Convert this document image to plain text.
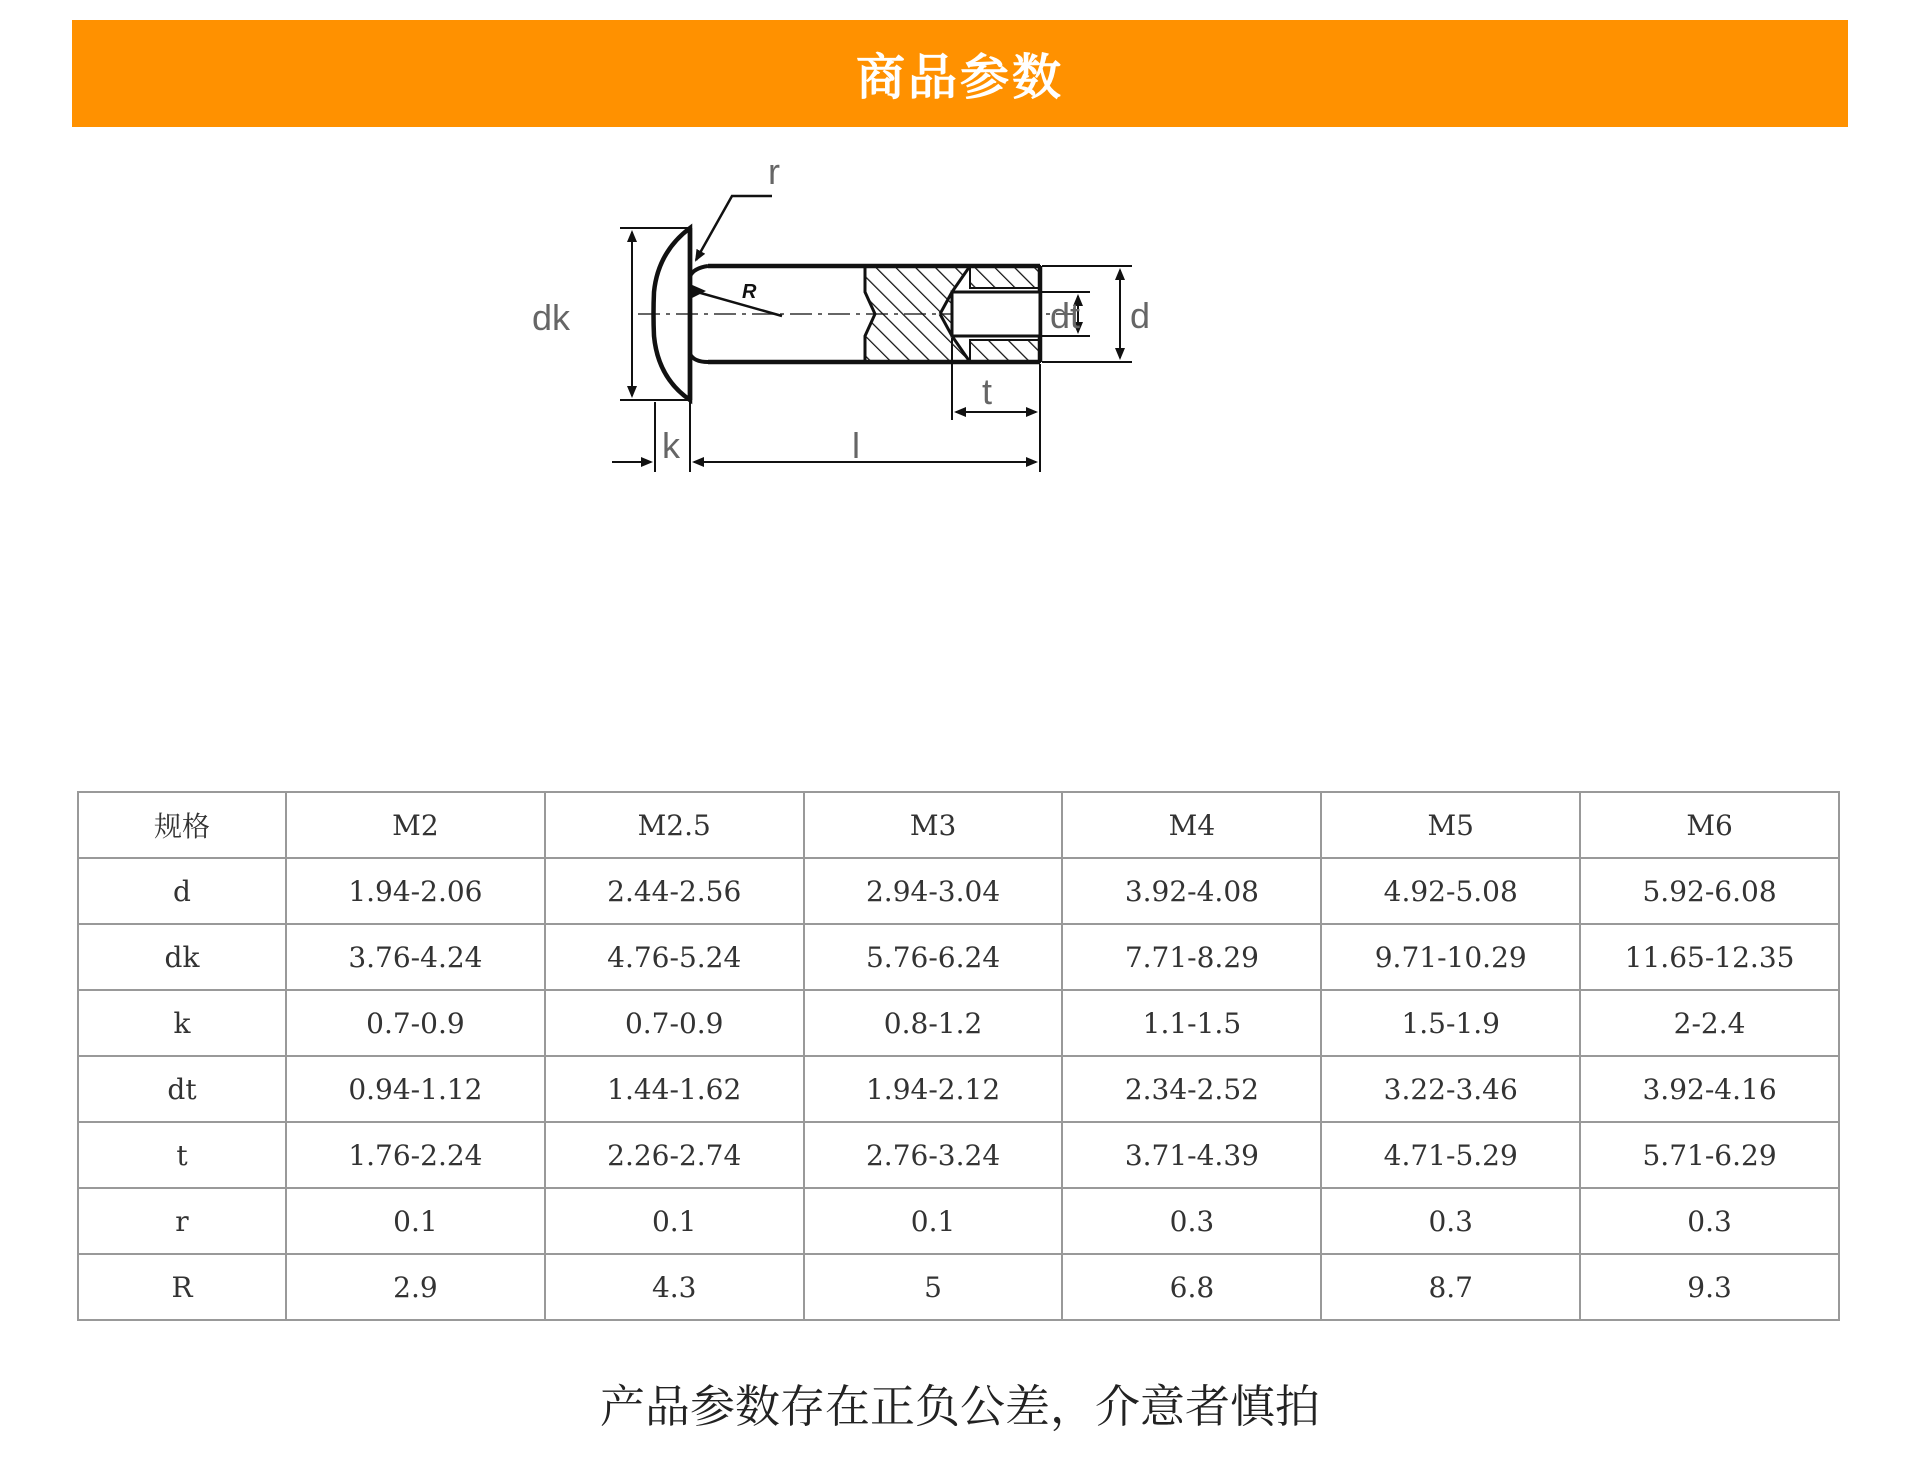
商品参数
r
R
dk	dt d
t
k	l
规格	M2	M2.5	M3	M4	M5	M6
d	1.94-2.06	2.44-2.56	2.94-3.04	3.92-4.08	4.92-5.08	5.92-6.08
dk	3.76-4.24	4.76-5.24	5.76-6.24	7.71-8.29	9.71-10.29	11.65-12.35
k	0.7-0.9	0.7-0.9	0.8-1.2	1.1-1.5	1.5-1.9	2-2.4
dt	0.94-1.12	1.44-1.62	1.94-2.12	2.34-2.52	3.22-3.46	3.92-4.16
t	1.76-2.24	2.26-2.74	2.76-3.24	3.71-4.39	4.71-5.29	5.71-6.29
r	0.1	0.1	0.1	0.3	0.3	0.3
R	2.9	4.3	5	6.8	8.7	9.3
产品参数存在正负公差，介意者慎拍
